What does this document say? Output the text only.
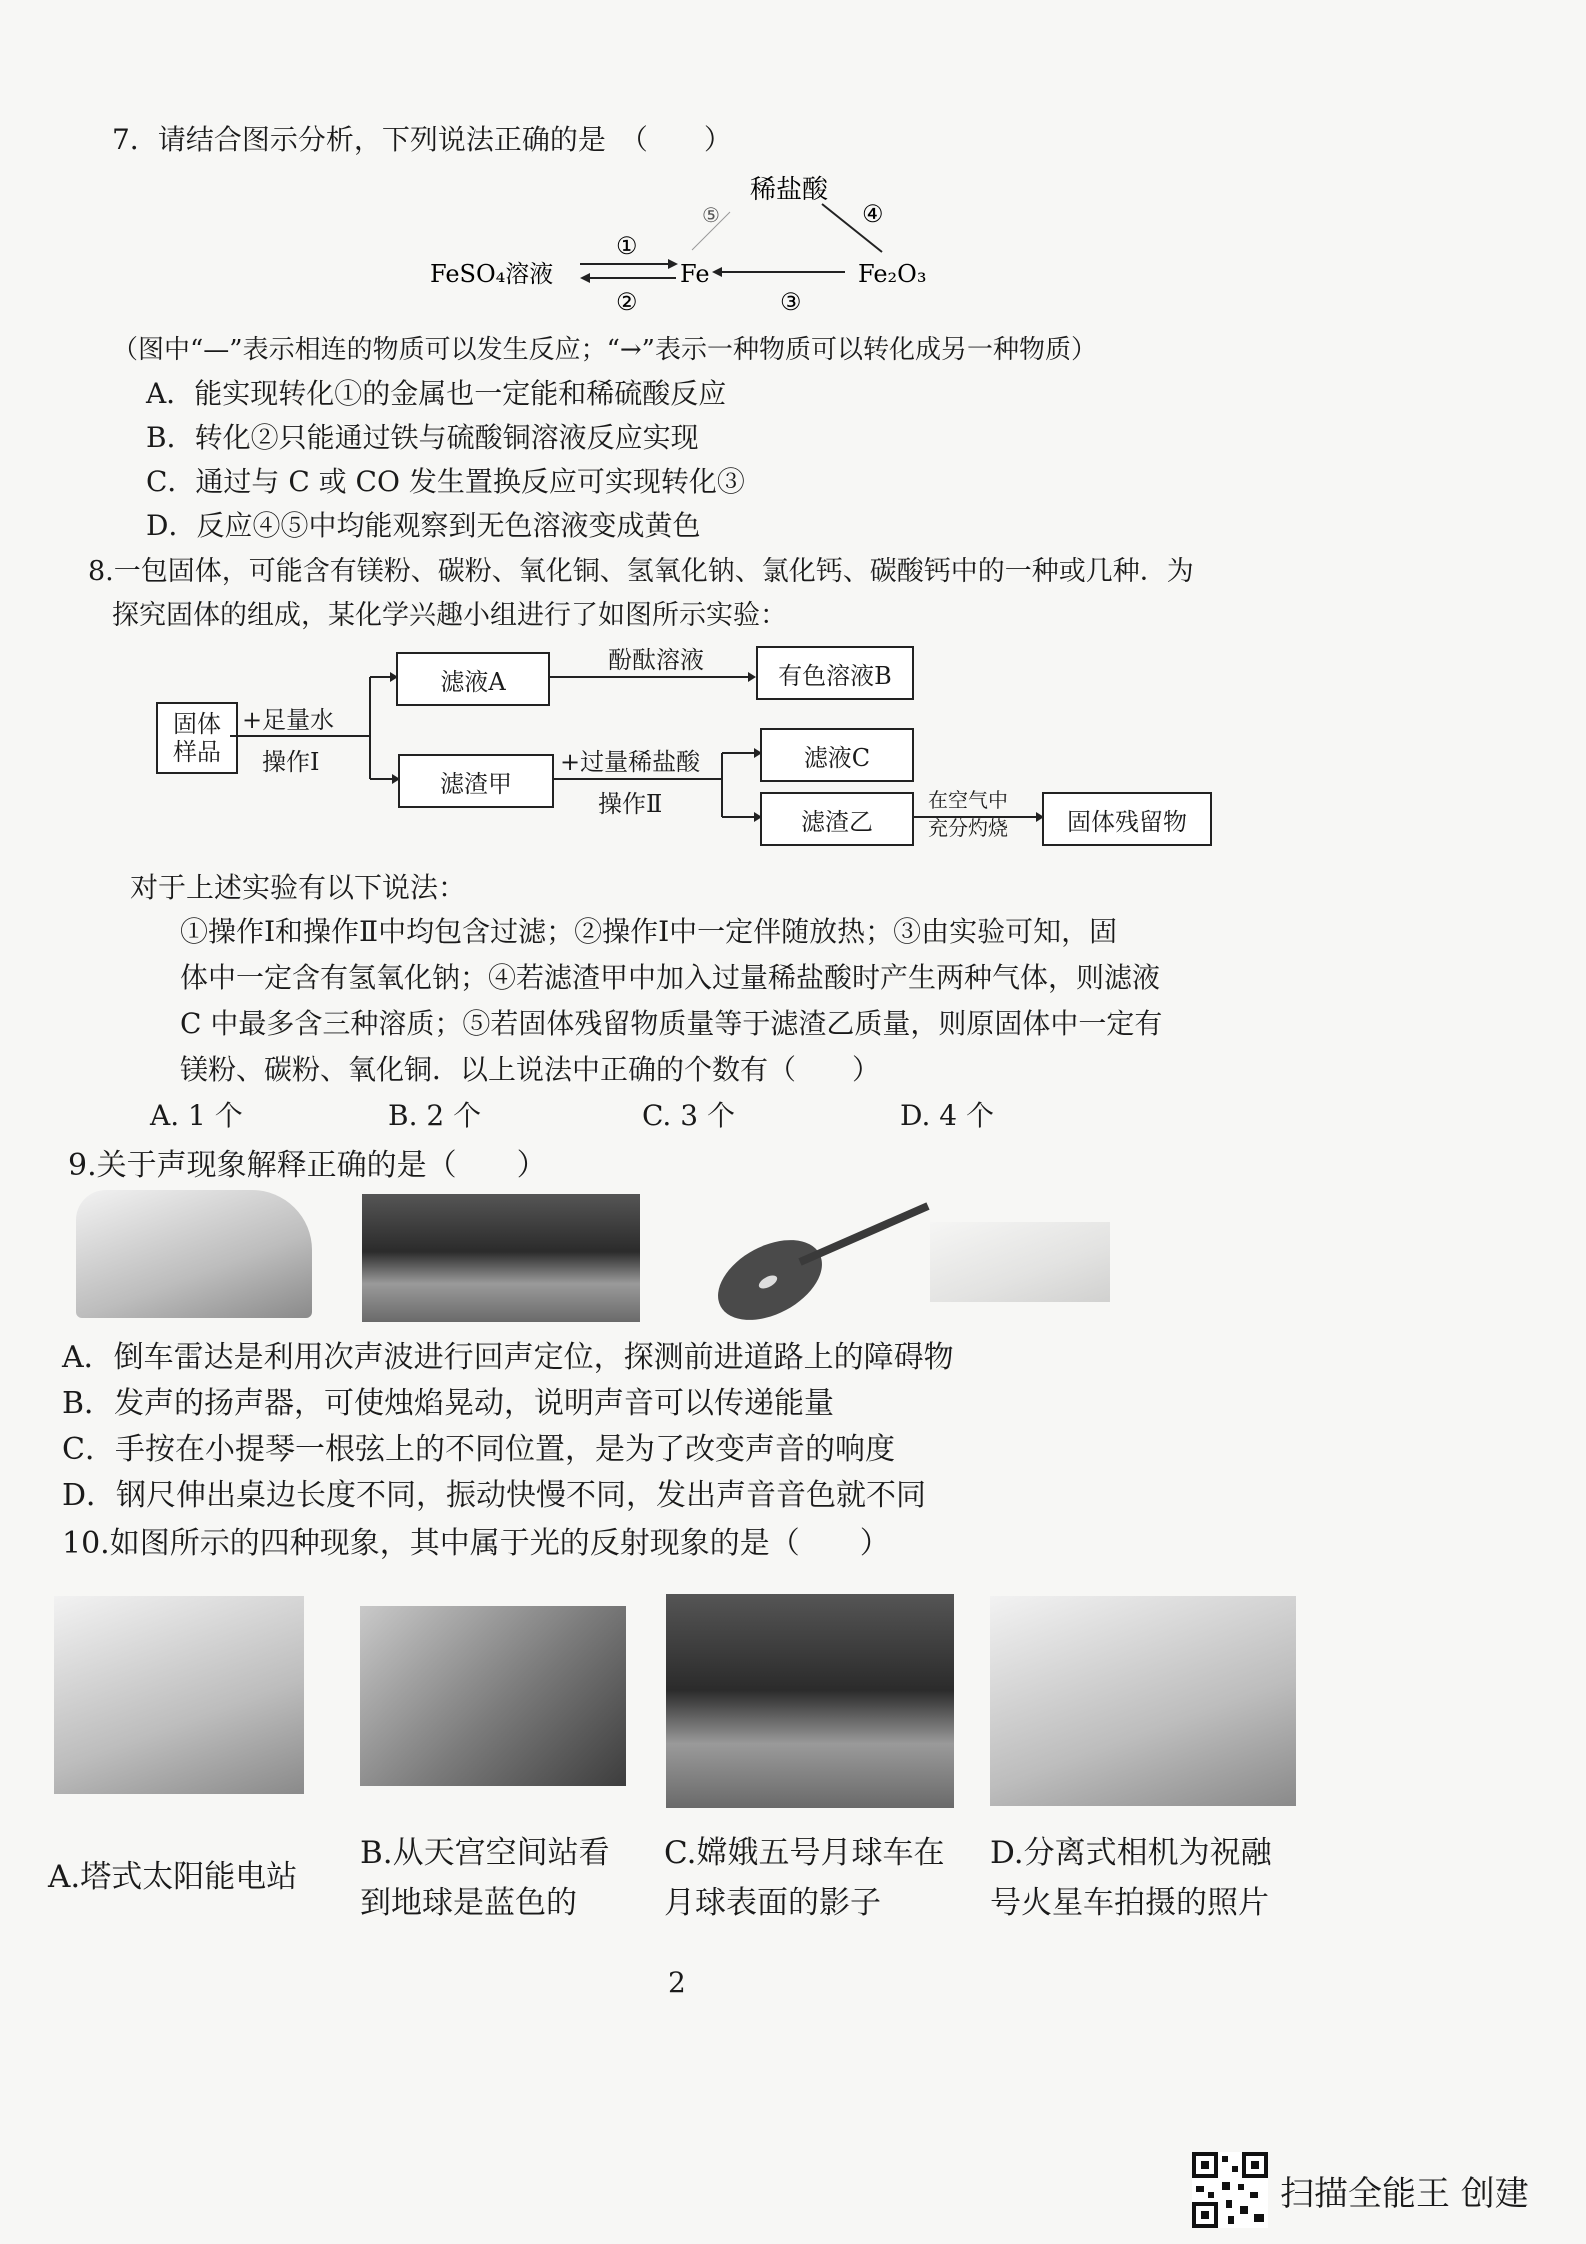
7．请结合图示分析，下列说法正确的是　（　　）
稀盐酸
FeSO₄溶液	Fe	Fe₂O₃
①
②	③
④
⑤
（图中“—”表示相连的物质可以发生反应；“→”表示一种物质可以转化成另一种物质）
A．能实现转化①的金属也一定能和稀硫酸反应
B．转化②只能通过铁与硫酸铜溶液反应实现
C．通过与 C 或 CO 发生置换反应可实现转化③
D．反应④⑤中均能观察到无色溶液变成黄色
8.一包固体，可能含有镁粉、碳粉、氧化铜、氢氧化钠、氯化钙、碳酸钙中的一种或几种．为
探究固体的组成，某化学兴趣小组进行了如图所示实验：
固体样品
+足量水
操作Ⅰ
滤液A
酚酞溶液
有色溶液B
滤渣甲
+过量稀盐酸
操作Ⅱ
滤液C
滤渣乙
在空气中充分灼烧	固体残留物
对于上述实验有以下说法：
①操作Ⅰ和操作Ⅱ中均包含过滤；②操作Ⅰ中一定伴随放热；③由实验可知，固
体中一定含有氢氧化钠；④若滤渣甲中加入过量稀盐酸时产生两种气体，则滤液
C 中最多含三种溶质；⑤若固体残留物质量等于滤渣乙质量，则原固体中一定有
镁粉、碳粉、氧化铜．以上说法中正确的个数有（　　）
A. 1 个	B. 2 个	C. 3 个	D. 4 个
9.关于声现象解释正确的是（　　）
A．倒车雷达是利用次声波进行回声定位，探测前进道路上的障碍物
B．发声的扬声器，可使烛焰晃动，说明声音可以传递能量
C．手按在小提琴一根弦上的不同位置，是为了改变声音的响度
D．钢尺伸出桌边长度不同，振动快慢不同，发出声音音色就不同
10.如图所示的四种现象，其中属于光的反射现象的是（　　）
A.塔式太阳能电站
B.从天宫空间站看到地球是蓝色的
C.嫦娥五号月球车在月球表面的影子
D.分离式相机为祝融号火星车拍摄的照片
2
扫描全能王 创建
